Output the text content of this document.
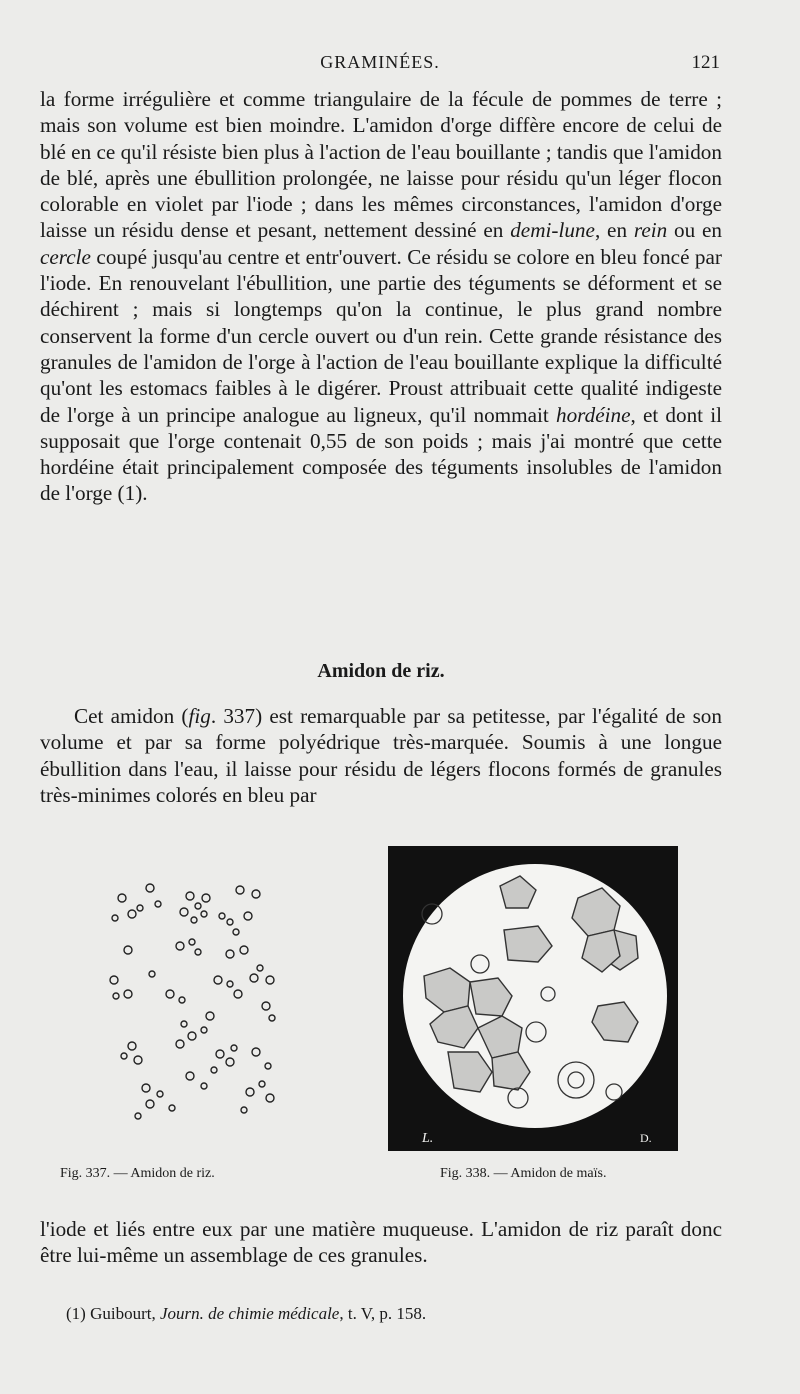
GRAMINÉES.	121

la forme irrégulière et comme triangulaire de la fécule de pommes de terre ; mais son volume est bien moindre. L'amidon d'orge diffère encore de celui de blé en ce qu'il résiste bien plus à l'action de l'eau bouillante ; tandis que l'amidon de blé, après une ébullition prolongée, ne laisse pour résidu qu'un léger flocon colorable en violet par l'iode ; dans les mêmes circonstances, l'amidon d'orge laisse un résidu dense et pesant, nettement dessiné en demi-lune, en rein ou en cercle coupé jusqu'au centre et entr'ouvert. Ce résidu se colore en bleu foncé par l'iode. En renouvelant l'ébullition, une partie des téguments se déforment et se déchirent ; mais si longtemps qu'on la continue, le plus grand nombre conservent la forme d'un cercle ouvert ou d'un rein. Cette grande résistance des granules de l'amidon de l'orge à l'action de l'eau bouillante explique la difficulté qu'ont les estomacs faibles à le digérer. Proust attribuait cette qualité indigeste de l'orge à un principe analogue au ligneux, qu'il nommait hordéine, et dont il supposait que l'orge contenait 0,55 de son poids ; mais j'ai montré que cette hordéine était principalement composée des téguments insolubles de l'amidon de l'orge (1).

Amidon de riz.
Cet amidon (fig. 337) est remarquable par sa petitesse, par l'égalité de son volume et par sa forme polyédrique très-marquée. Soumis à une longue ébullition dans l'eau, il laisse pour résidu de légers flocons formés de granules très-minimes colorés en bleu par
L.	D.
Fig. 337. — Amidon de riz.	Fig. 338. — Amidon de maïs.
l'iode et liés entre eux par une matière muqueuse. L'amidon de riz paraît donc être lui-même un assemblage de ces granules.
(1) Guibourt, Journ. de chimie médicale, t. V, p. 158.
